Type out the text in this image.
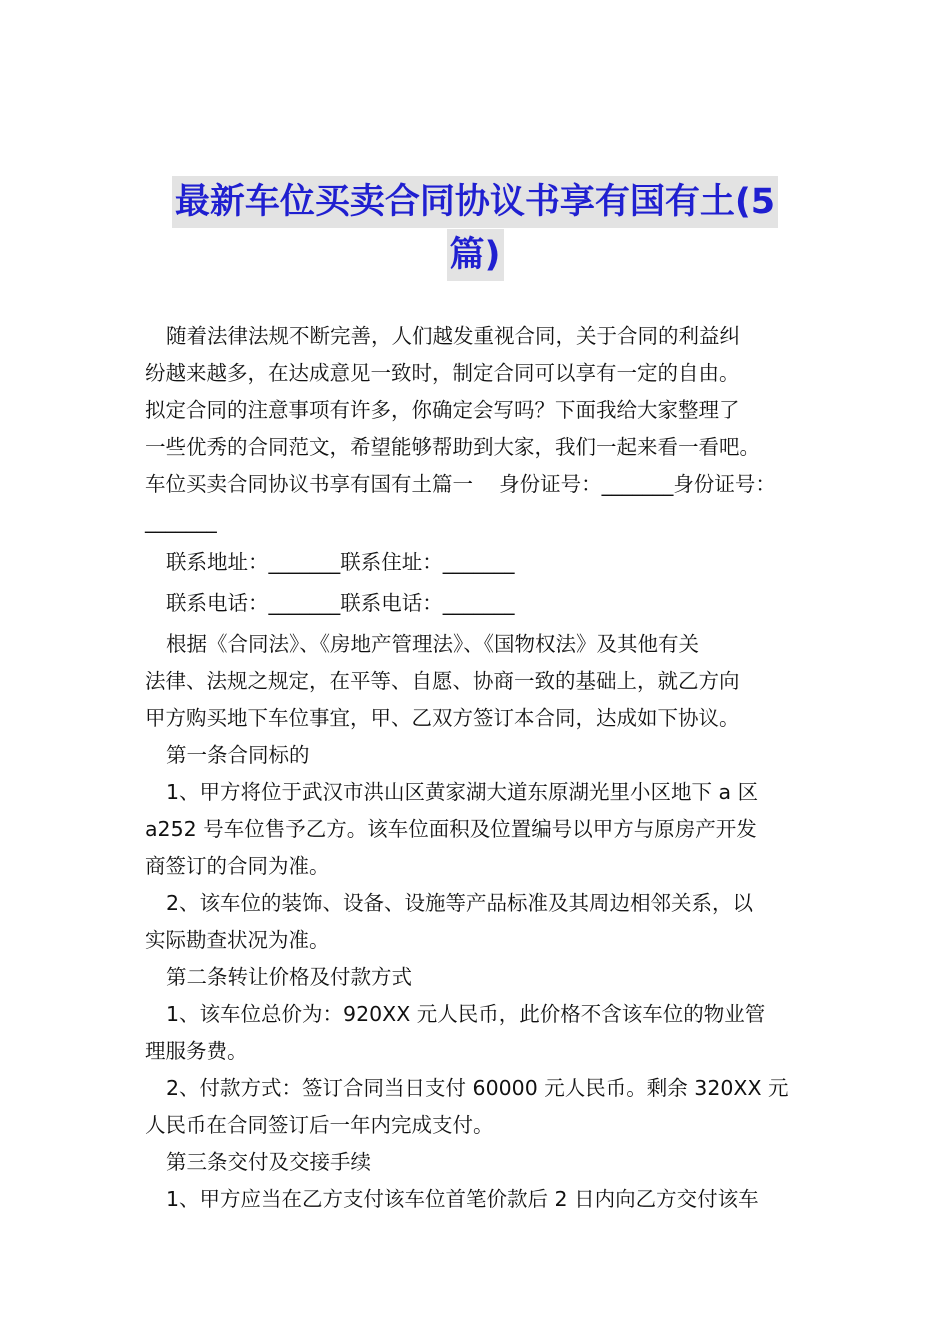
最新车位买卖合同协议书享有国有土(5
篇)

随着法律法规不断完善，人们越发重视合同，关于合同的利益纠

纷越来越多，在达成意见一致时，制定合同可以享有一定的自由。

拟定合同的注意事项有许多，你确定会写吗？下面我给大家整理了

一些优秀的合同范文，希望能够帮助到大家，我们一起来看一看吧。

车位买卖合同协议书享有国有土篇一 身份证号：_______身份证号：

_______

联系地址：_______联系住址：_______

联系电话：_______联系电话：_______

根据《合同法》、《房地产管理法》、《国物权法》及其他有关

法律、法规之规定，在平等、自愿、协商一致的基础上，就乙方向

甲方购买地下车位事宜，甲、乙双方签订本合同，达成如下协议。

第一条合同标的

1、甲方将位于武汉市洪山区黄家湖大道东原湖光里小区地下 a 区

a252 号车位售予乙方。该车位面积及位置编号以甲方与原房产开发

商签订的合同为准。

2、该车位的装饰、设备、设施等产品标准及其周边相邻关系，以

实际勘查状况为准。

第二条转让价格及付款方式

1、该车位总价为：920XX 元人民币，此价格不含该车位的物业管

理服务费。

2、付款方式：签订合同当日支付 60000 元人民币。剩余 320XX 元

人民币在合同签订后一年内完成支付。

第三条交付及交接手续

1、甲方应当在乙方支付该车位首笔价款后 2 日内向乙方交付该车
